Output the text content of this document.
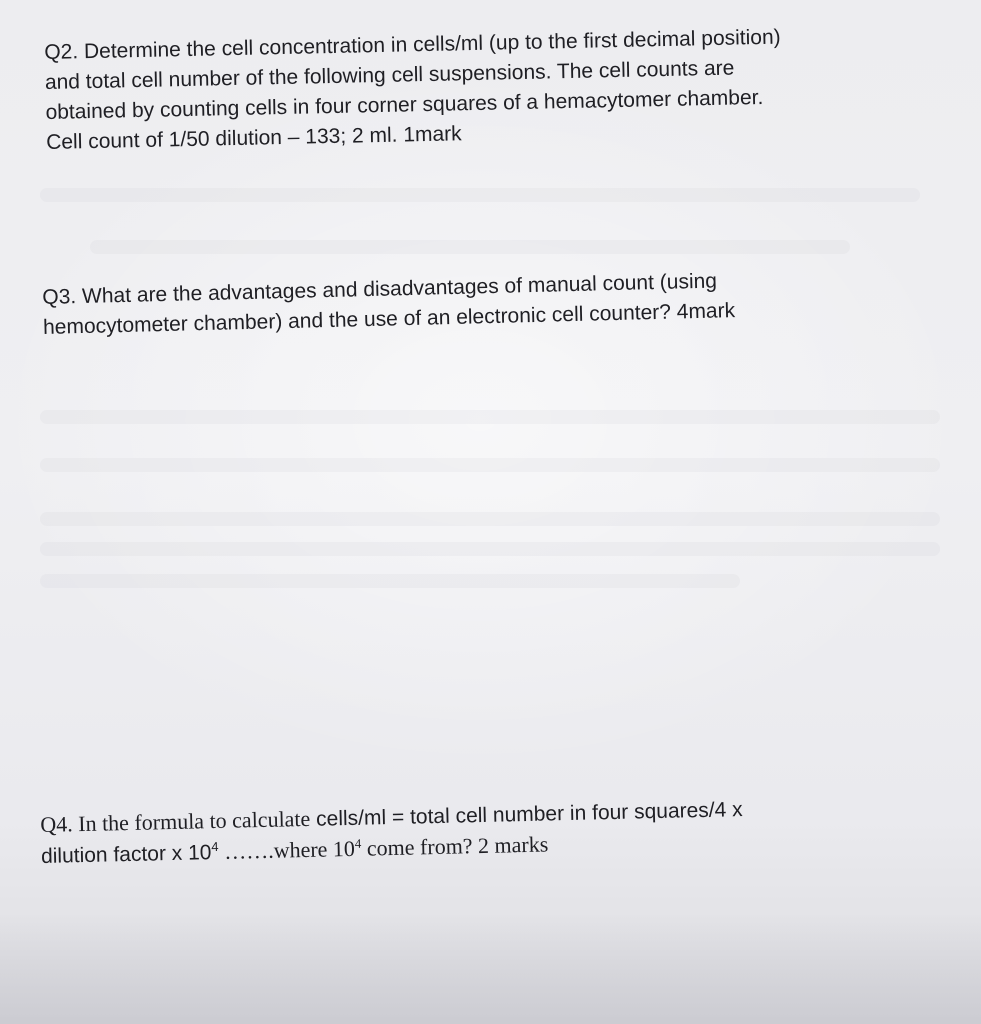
Q2. Determine the cell concentration in cells/ml (up to the first decimal position)
and total cell number of the following cell suspensions. The cell counts are
obtained by counting cells in four corner squares of a hemacytomer chamber.
Cell count of 1/50 dilution – 133; 2 ml. 1mark
Q3. What are the advantages and disadvantages of manual count (using
hemocytometer chamber) and the use of an electronic cell counter? 4mark
Q4. In the formula to calculate cells/ml = total cell number in four squares/4 x
dilution factor x $10^4$ …….where $10^4$ come from? 2 marks
